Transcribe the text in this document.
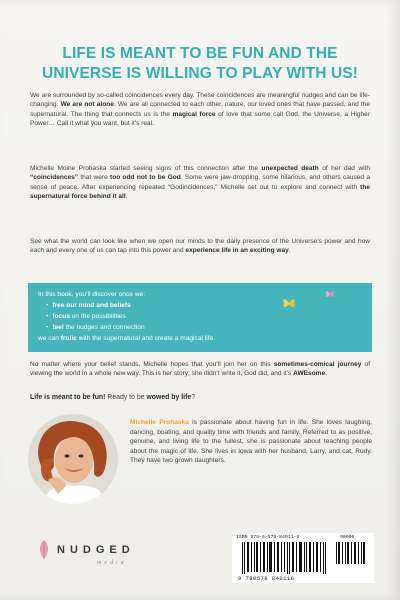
LIFE IS MEANT TO BE FUN AND THE
UNIVERSE IS WILLING TO PLAY WITH US!

We are surrounded by so-called coincidences every day. These coincidences are meaningful nudges and can be life-changing. We are not alone. We are all connected to each other, nature, our loved ones that have passed, and the supernatural. The thing that connects us is the magical force of love that some call God, the Universe, a Higher Power… Call it what you want, but it’s real.

Michelle Moine Prohaska started seeing signs of this connection after the unexpected death of her dad with “coincidences” that were too odd not to be God. Some were jaw-dropping, some hilarious, and others caused a sense of peace. After experiencing repeated “Godincidences,” Michelle set out to explore and connect with the supernatural force behind it all.

See what the world can look like when we open our minds to the daily presence of the Universe’s power and how each and every one of us can tap into this power and experience life in an exciting way.

In this book, you’ll discover once we:
• free our mind and beliefs
• focus on the possibilities
• feel the nudges and connection
we can frolic with the supernatural and create a magical life.

No matter where your belief stands, Michelle hopes that you’ll join her on this sometimes-comical journey of viewing the world in a whole new way. This is her story; she didn’t write it, God did, and it’s AWEsome.

Life is meant to be fun! Ready to be wowed by life?

Michelle Prohaska is passionate about having fun in life. She loves laughing, dancing, boating, and quality time with friends and family. Referred to as positive, genuine, and living life to the fullest, she is passionate about teaching people about the magic of life. She lives in Iowa with her husband, Larry, and cat, Rudy. They have two grown daughters.

NUDGED
media
ISBN 978-0-578-84011-6	90000
9 780578 840116
